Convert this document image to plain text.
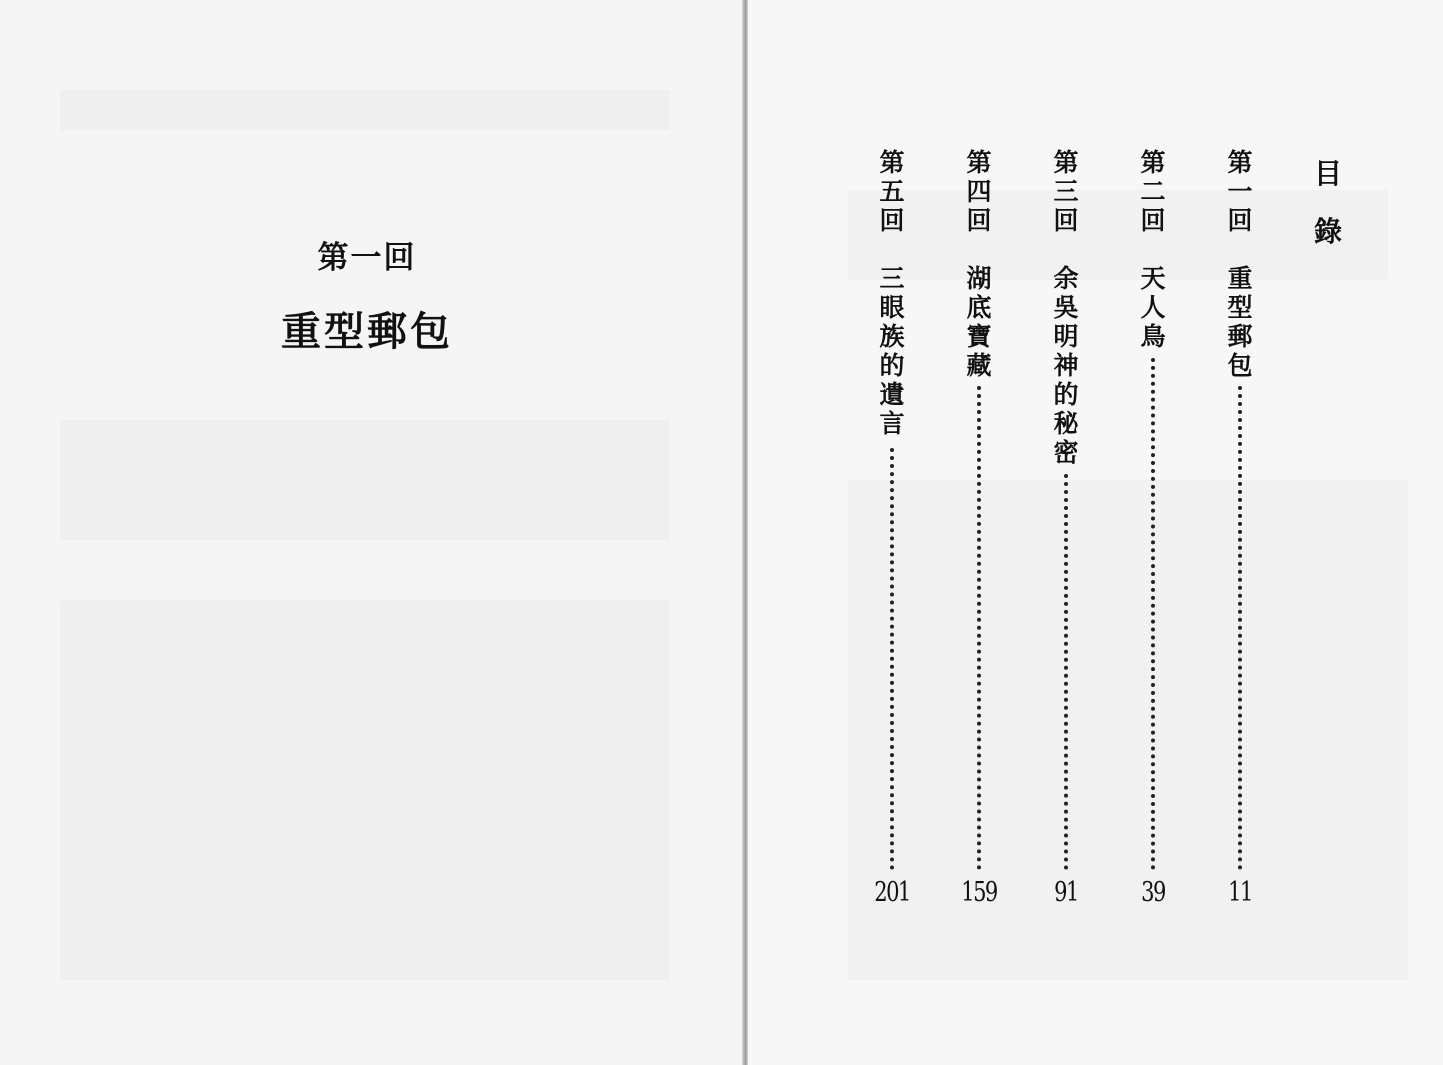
第一回
重型郵包
目
錄
第一回
重型郵包
11
第二回
天人鳥
39
第三回
余吳明神的秘密
91
第四回
湖底寶藏
159
第五回
三眼族的遺言
201
